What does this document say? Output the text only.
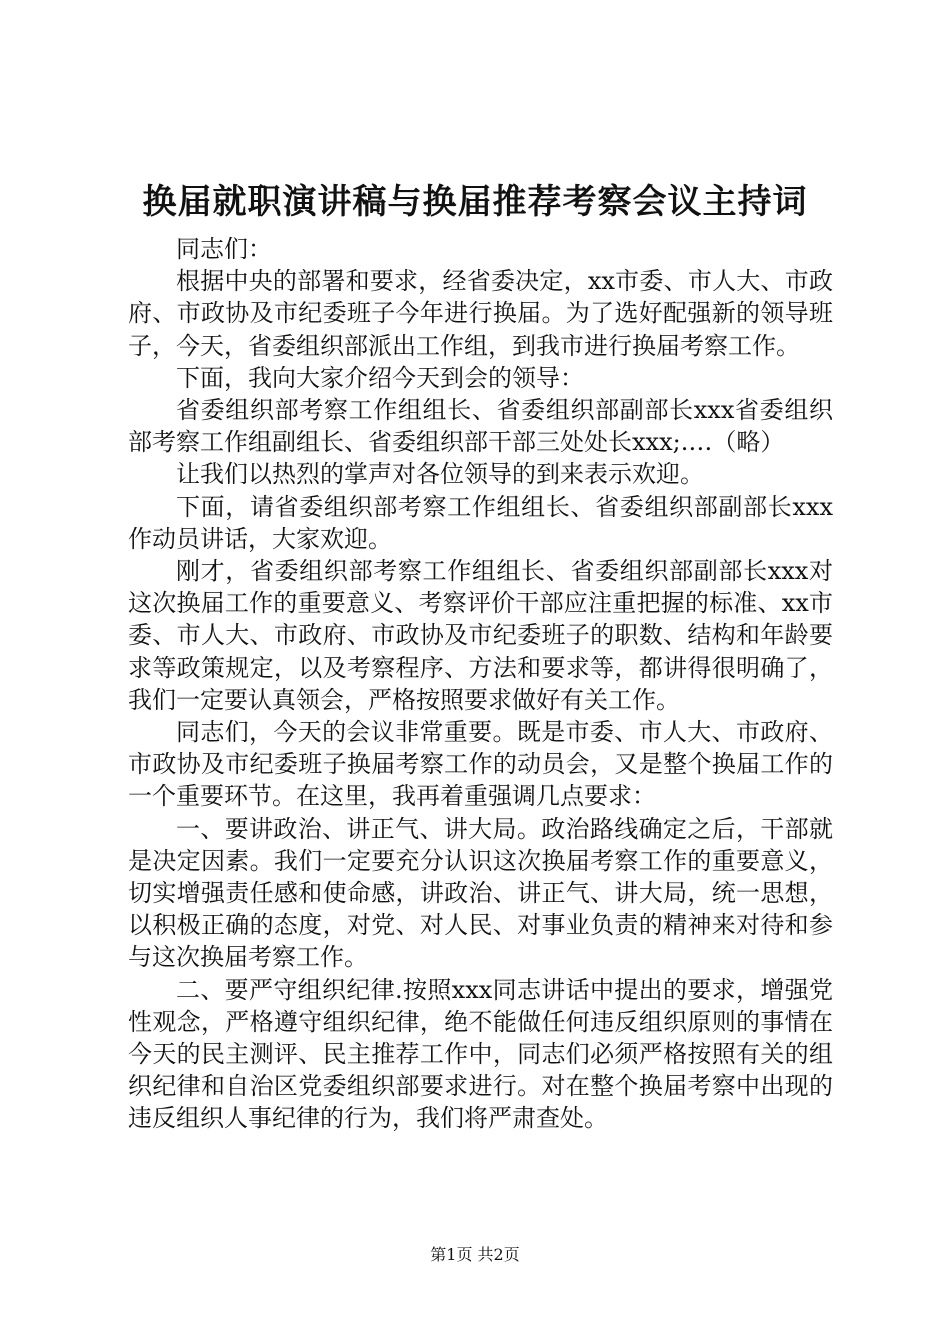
换届就职演讲稿与换届推荐考察会议主持词

同志们：

根据中央的部署和要求，经省委决定，xx市委、市人大、市政府、市政协及市纪委班子今年进行换届。为了选好配强新的领导班子，今天，省委组织部派出工作组，到我市进行换届考察工作。

下面，我向大家介绍今天到会的领导：

省委组织部考察工作组组长、省委组织部副部长xxx省委组织部考察工作组副组长、省委组织部干部三处处长xxx;.…（略）

让我们以热烈的掌声对各位领导的到来表示欢迎。

下面，请省委组织部考察工作组组长、省委组织部副部长xxx作动员讲话，大家欢迎。

刚才，省委组织部考察工作组组长、省委组织部副部长xxx对这次换届工作的重要意义、考察评价干部应注重把握的标准、xx市委、市人大、市政府、市政协及市纪委班子的职数、结构和年龄要求等政策规定，以及考察程序、方法和要求等，都讲得很明确了，我们一定要认真领会，严格按照要求做好有关工作。

同志们，今天的会议非常重要。既是市委、市人大、市政府、市政协及市纪委班子换届考察工作的动员会，又是整个换届工作的一个重要环节。在这里，我再着重强调几点要求：

一、要讲政治、讲正气、讲大局。政治路线确定之后，干部就是决定因素。我们一定要充分认识这次换届考察工作的重要意义，切实增强责任感和使命感，讲政治、讲正气、讲大局，统一思想，以积极正确的态度，对党、对人民、对事业负责的精神来对待和参与这次换届考察工作。

二、要严守组织纪律.按照xxx同志讲话中提出的要求，增强党性观念，严格遵守组织纪律，绝不能做任何违反组织原则的事情在今天的民主测评、民主推荐工作中，同志们必须严格按照有关的组织纪律和自治区党委组织部要求进行。对在整个换届考察中出现的违反组织人事纪律的行为，我们将严肃查处。

第1页 共2页
